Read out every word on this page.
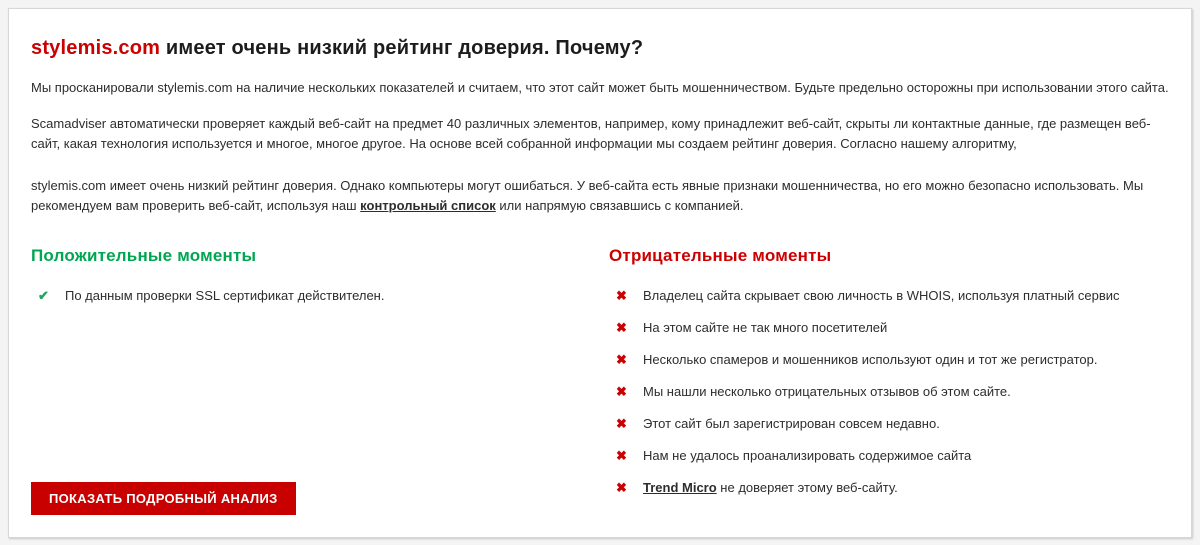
stylemis.com имеет очень низкий рейтинг доверия. Почему?

Мы просканировали stylemis.com на наличие нескольких показателей и считаем, что этот сайт может быть мошенничеством. Будьте предельно осторожны при использовании этого сайта.

Scamadviser автоматически проверяет каждый веб-сайт на предмет 40 различных элементов, например, кому принадлежит веб-сайт, скрыты ли контактные данные, где размещен веб-сайт, какая технология используется и многое, многое другое. На основе всей собранной информации мы создаем рейтинг доверия. Согласно нашему алгоритму,

stylemis.com имеет очень низкий рейтинг доверия. Однако компьютеры могут ошибаться. У веб-сайта есть явные признаки мошенничества, но его можно безопасно использовать. Мы рекомендуем вам проверить веб-сайт, используя наш контрольный список или напрямую связавшись с компанией.

Положительные моменты
✔	По данным проверки SSL сертификат действителен.
Отрицательные моменты
✖	Владелец сайта скрывает свою личность в WHOIS, используя платный сервис
✖	На этом сайте не так много посетителей
✖	Несколько спамеров и мошенников используют один и тот же регистратор.
✖	Мы нашли несколько отрицательных отзывов об этом сайте.
✖	Этот сайт был зарегистрирован совсем недавно.
✖	Нам не удалось проанализировать содержимое сайта
✖	Trend Micro не доверяет этому веб-сайту.
ПОКАЗАТЬ ПОДРОБНЫЙ АНАЛИЗ
